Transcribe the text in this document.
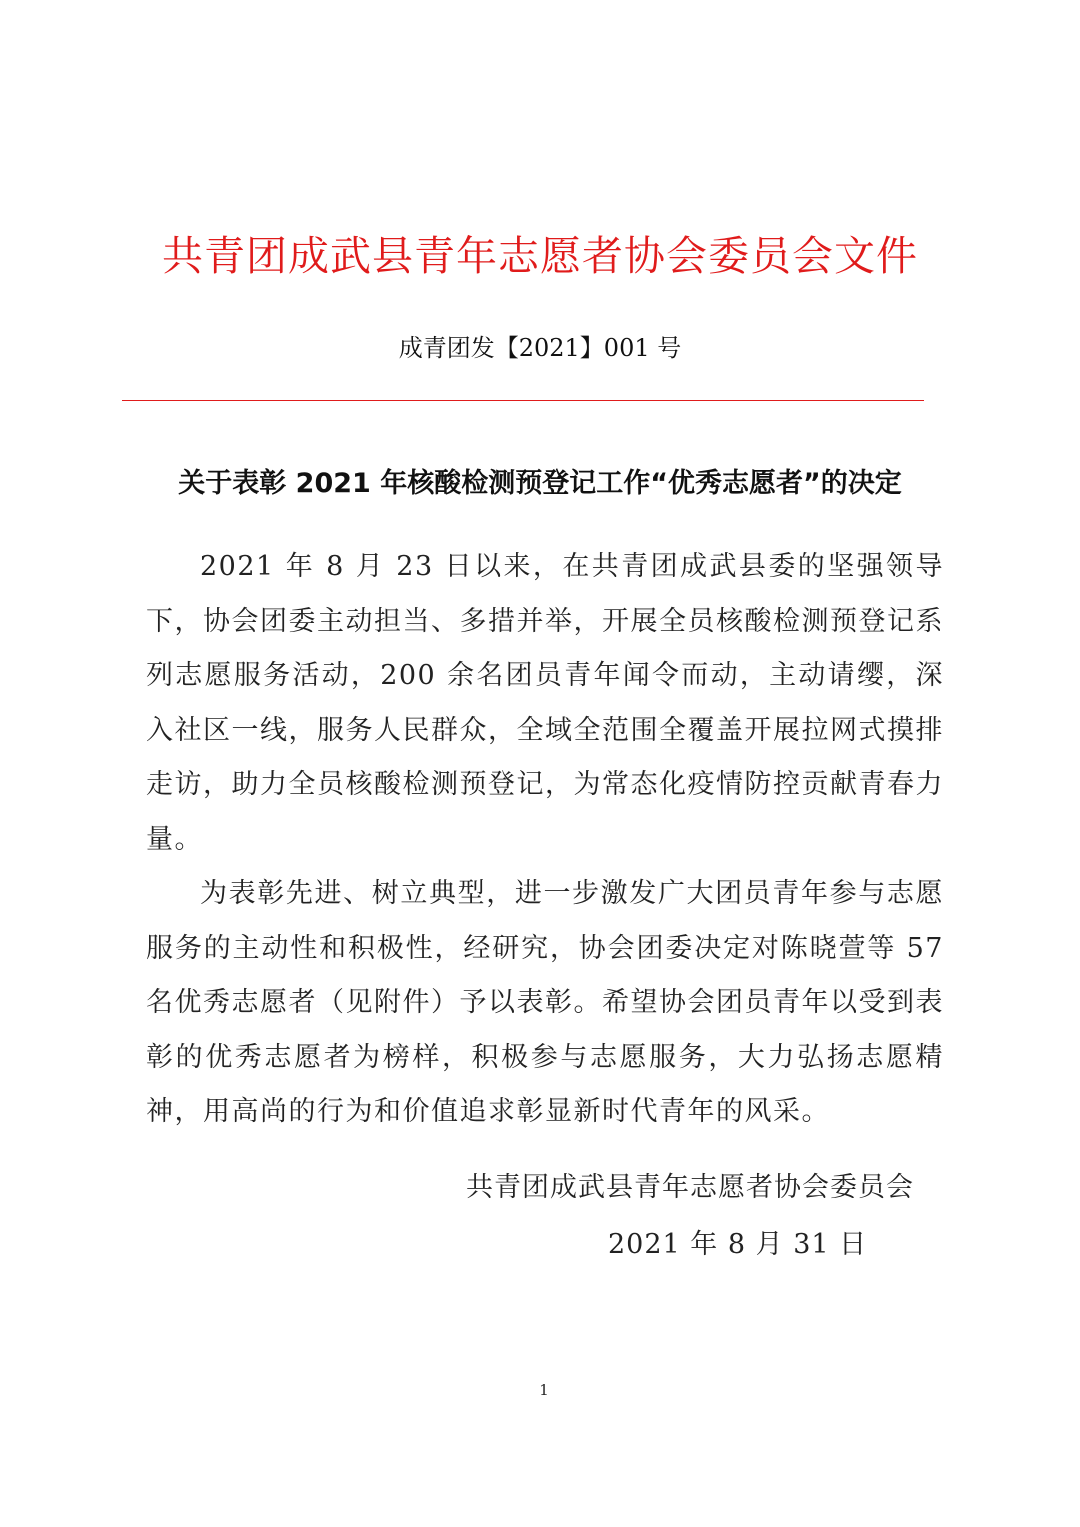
共青团成武县青年志愿者协会委员会文件
成青团发【2021】001 号
关于表彰 2021 年核酸检测预登记工作“优秀志愿者”的决定

2021 年 8 月 23 日以来，在共青团成武县委的坚强领导下，协会团委主动担当、多措并举，开展全员核酸检测预登记系列志愿服务活动，200 余名团员青年闻令而动，主动请缨，深入社区一线，服务人民群众，全域全范围全覆盖开展拉网式摸排走访，助力全员核酸检测预登记，为常态化疫情防控贡献青春力量。

为表彰先进、树立典型，进一步激发广大团员青年参与志愿服务的主动性和积极性，经研究，协会团委决定对陈晓萱等 57 名优秀志愿者（见附件）予以表彰。希望协会团员青年以受到表彰的优秀志愿者为榜样，积极参与志愿服务，大力弘扬志愿精神，用高尚的行为和价值追求彰显新时代青年的风采。

共青团成武县青年志愿者协会委员会
2021 年 8 月 31 日
1
